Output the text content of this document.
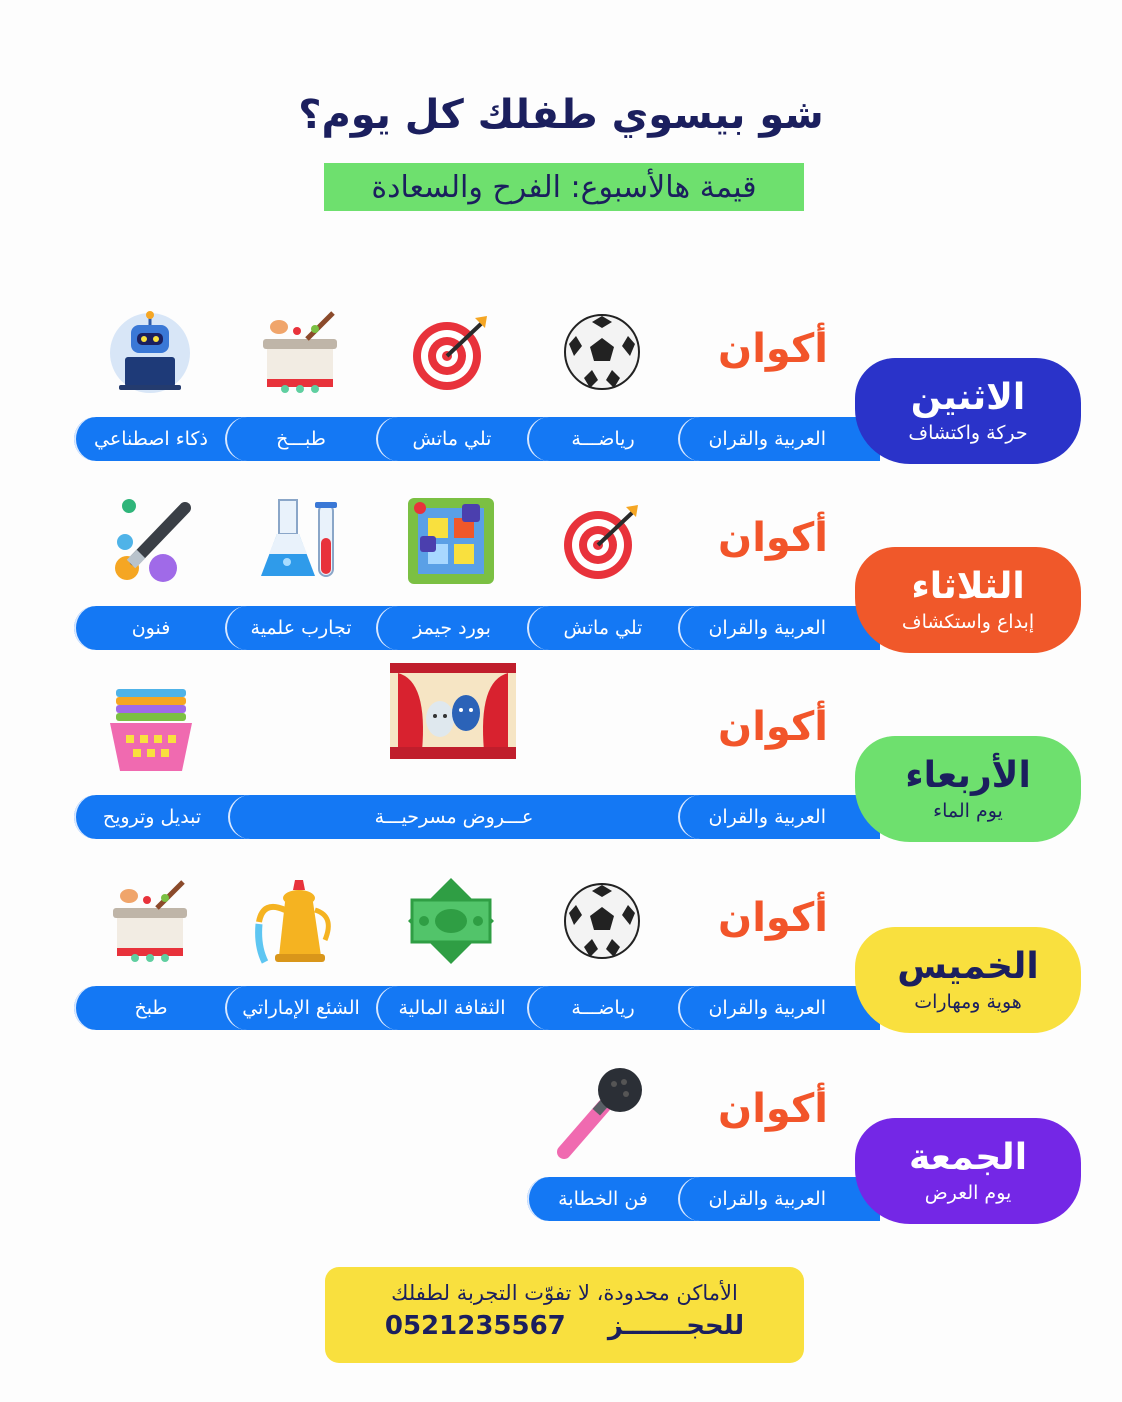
شو بيسوي طفلك كل يوم؟
قيمة هالأسبوع: الفرح والسعادة
العربية والقران
رياضـــة
تلي ماتش
طبـــخ
ذكاء اصطناعي
أكوان
الاثنين
حركة واكتشاف
العربية والقران
تلي ماتش
بورد جيمز
تجارب علمية
فنون
أكوان
الثلاثاء
إبداع واستكشاف
العربية والقران
عـــروض مسرحيـــة
تبديل وترويح
أكوان
الأربعاء
يوم الماء
العربية والقران
رياضـــة
الثقافة المالية
الشئع الإماراتي
طبخ
أكوان
الخميس
هوية ومهارات
العربية والقران
فن الخطابة
أكوان
الجمعة
يوم العرض
الأماكن محدودة، لا تفوّت التجربة لطفلك
للحجـــــــز  0521235567
